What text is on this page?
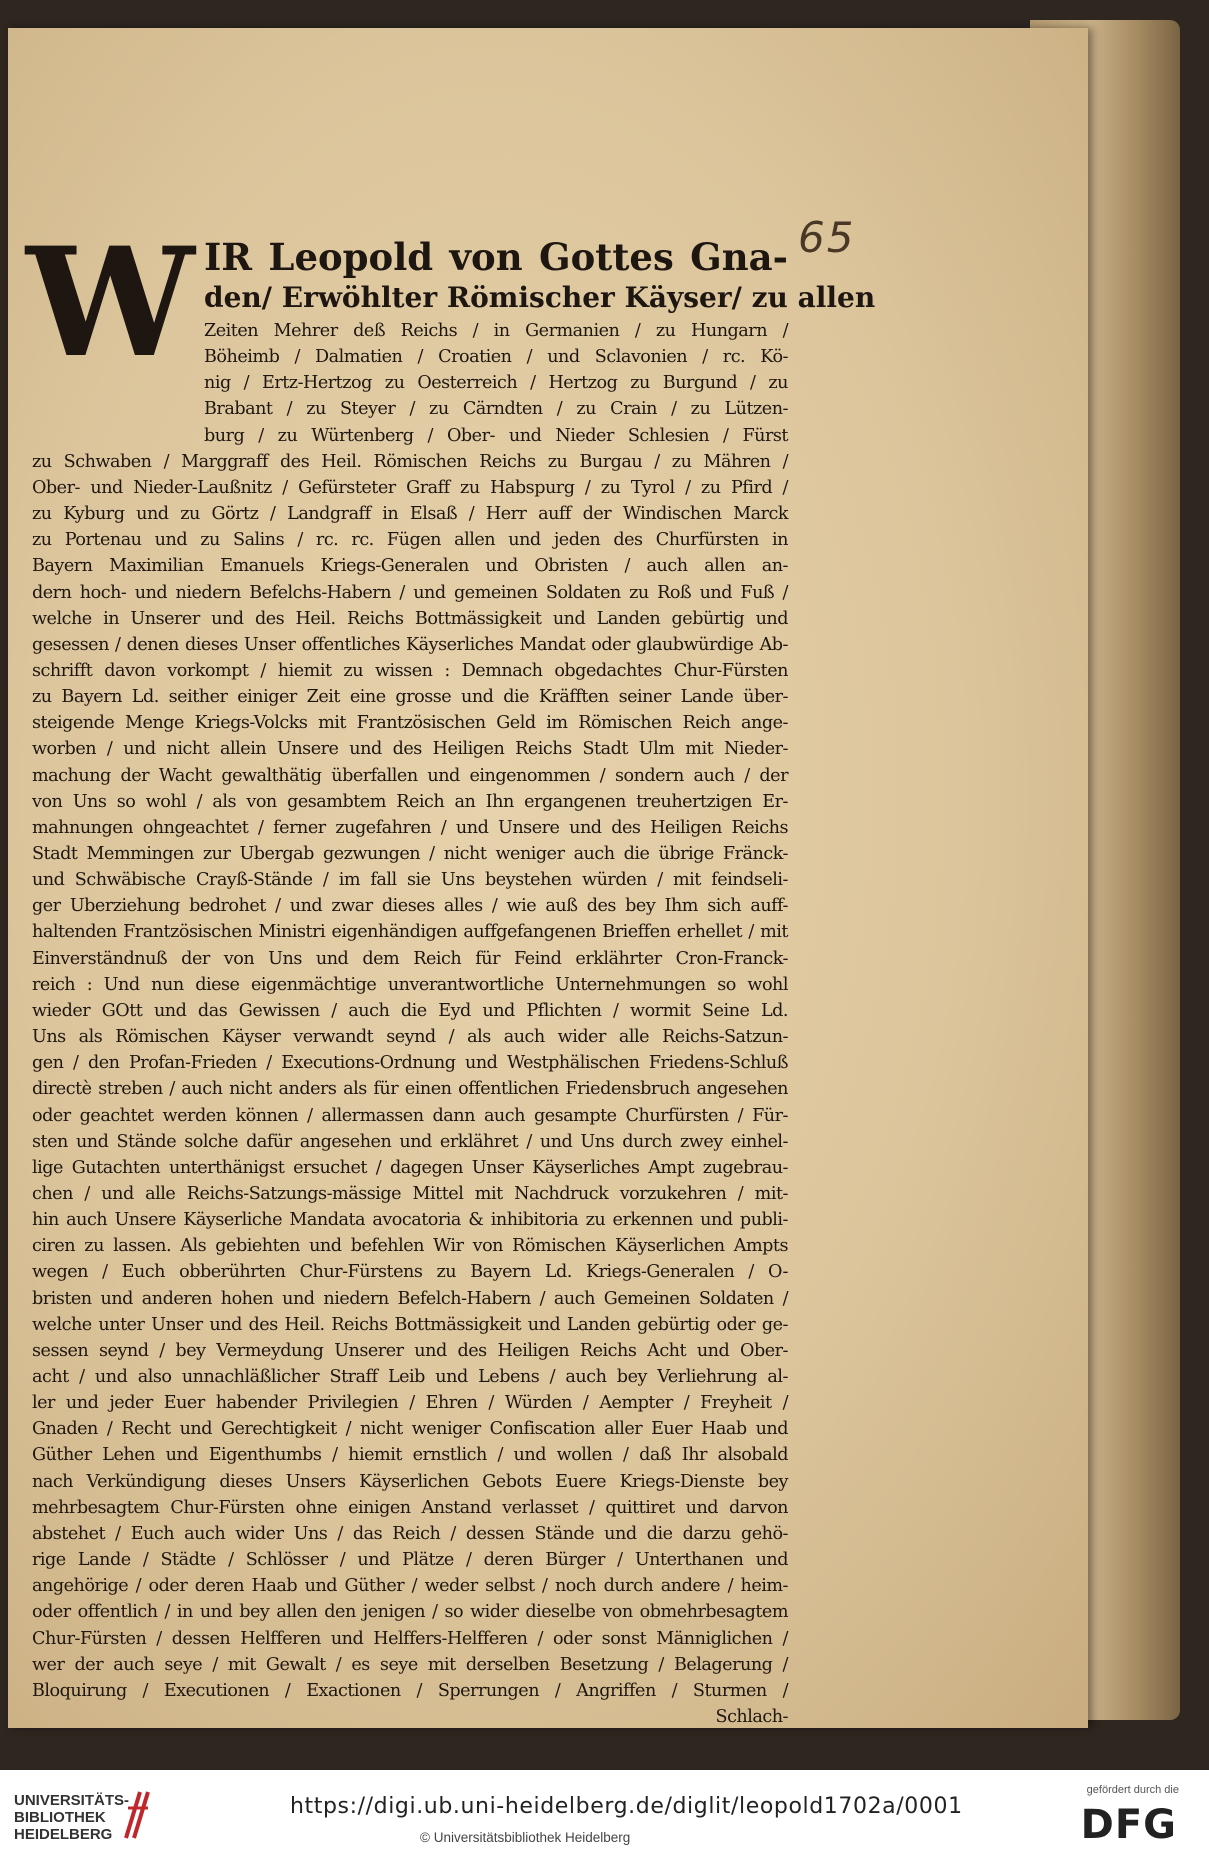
65
W IR Leopold von Gottes Gna-
den/ Erwöhlter Römischer Käyser/ zu allen
Zeiten Mehrer deß Reichs / in Germanien / zu Hungarn /
Böheimb / Dalmatien / Croatien / und Sclavonien / rc. Kö-
nig / Ertz-Hertzog zu Oesterreich / Hertzog zu Burgund / zu
Brabant / zu Steyer / zu Cärndten / zu Crain / zu Lützen-
burg / zu Würtenberg / Ober- und Nieder Schlesien / Fürst
zu Schwaben / Marggraff des Heil. Römischen Reichs zu Burgau / zu Mähren /
Ober- und Nieder-Laußnitz / Gefürsteter Graff zu Habspurg / zu Tyrol / zu Pfird /
zu Kyburg und zu Görtz / Landgraff in Elsaß / Herr auff der Windischen Marck
zu Portenau und zu Salins / rc. rc. Fügen allen und jeden des Churfürsten in
Bayern Maximilian Emanuels Kriegs-Generalen und Obristen / auch allen an-
dern hoch- und niedern Befelchs-Habern / und gemeinen Soldaten zu Roß und Fuß /
welche in Unserer und des Heil. Reichs Bottmässigkeit und Landen gebürtig und
gesessen / denen dieses Unser offentliches Käyserliches Mandat oder glaubwürdige Ab-
schrifft davon vorkompt / hiemit zu wissen : Demnach obgedachtes Chur-Fürsten
zu Bayern Ld. seither einiger Zeit eine grosse und die Kräfften seiner Lande über-
steigende Menge Kriegs-Volcks mit Frantzösischen Geld im Römischen Reich ange-
worben / und nicht allein Unsere und des Heiligen Reichs Stadt Ulm mit Nieder-
machung der Wacht gewalthätig überfallen und eingenommen / sondern auch / der
von Uns so wohl / als von gesambtem Reich an Ihn ergangenen treuhertzigen Er-
mahnungen ohngeachtet / ferner zugefahren / und Unsere und des Heiligen Reichs
Stadt Memmingen zur Ubergab gezwungen / nicht weniger auch die übrige Fränck-
und Schwäbische Crayß-Stände / im fall sie Uns beystehen würden / mit feindseli-
ger Uberziehung bedrohet / und zwar dieses alles / wie auß des bey Ihm sich auff-
haltenden Frantzösischen Ministri eigenhändigen auffgefangenen Brieffen erhellet / mit
Einverständnuß der von Uns und dem Reich für Feind erklährter Cron-Franck-
reich : Und nun diese eigenmächtige unverantwortliche Unternehmungen so wohl
wieder GOtt und das Gewissen / auch die Eyd und Pflichten / wormit Seine Ld.
Uns als Römischen Käyser verwandt seynd / als auch wider alle Reichs-Satzun-
gen / den Profan-Frieden / Executions-Ordnung und Westphälischen Friedens-Schluß
directè streben / auch nicht anders als für einen offentlichen Friedensbruch angesehen
oder geachtet werden können / allermassen dann auch gesampte Churfürsten / Für-
sten und Stände solche dafür angesehen und erklähret / und Uns durch zwey einhel-
lige Gutachten unterthänigst ersuchet / dagegen Unser Käyserliches Ampt zugebrau-
chen / und alle Reichs-Satzungs-mässige Mittel mit Nachdruck vorzukehren / mit-
hin auch Unsere Käyserliche Mandata avocatoria & inhibitoria zu erkennen und publi-
ciren zu lassen. Als gebiehten und befehlen Wir von Römischen Käyserlichen Ampts
wegen / Euch obberührten Chur-Fürstens zu Bayern Ld. Kriegs-Generalen / O-
bristen und anderen hohen und niedern Befelch-Habern / auch Gemeinen Soldaten /
welche unter Unser und des Heil. Reichs Bottmässigkeit und Landen gebürtig oder ge-
sessen seynd / bey Vermeydung Unserer und des Heiligen Reichs Acht und Ober-
acht / und also unnachläßlicher Straff Leib und Lebens / auch bey Verliehrung al-
ler und jeder Euer habender Privilegien / Ehren / Würden / Aempter / Freyheit /
Gnaden / Recht und Gerechtigkeit / nicht weniger Confiscation aller Euer Haab und
Güther Lehen und Eigenthumbs / hiemit ernstlich / und wollen / daß Ihr alsobald
nach Verkündigung dieses Unsers Käyserlichen Gebots Euere Kriegs-Dienste bey
mehrbesagtem Chur-Fürsten ohne einigen Anstand verlasset / quittiret und darvon
abstehet / Euch auch wider Uns / das Reich / dessen Stände und die darzu gehö-
rige Lande / Städte / Schlösser / und Plätze / deren Bürger / Unterthanen und
angehörige / oder deren Haab und Güther / weder selbst / noch durch andere / heim-
oder offentlich / in und bey allen den jenigen / so wider dieselbe von obmehrbesagtem
Chur-Fürsten / dessen Helfferen und Helffers-Helfferen / oder sonst Männiglichen /
wer der auch seye / mit Gewalt / es seye mit derselben Besetzung / Belagerung /
Bloquirung / Executionen / Exactionen / Sperrungen / Angriffen / Sturmen /
Schlach-
UNIVERSITÄTS-
BIBLIOTHEK
HEIDELBERG
https://digi.ub.uni-heidelberg.de/diglit/leopold1702a/0001
© Universitätsbibliothek Heidelberg
gefördert durch die
DFG
